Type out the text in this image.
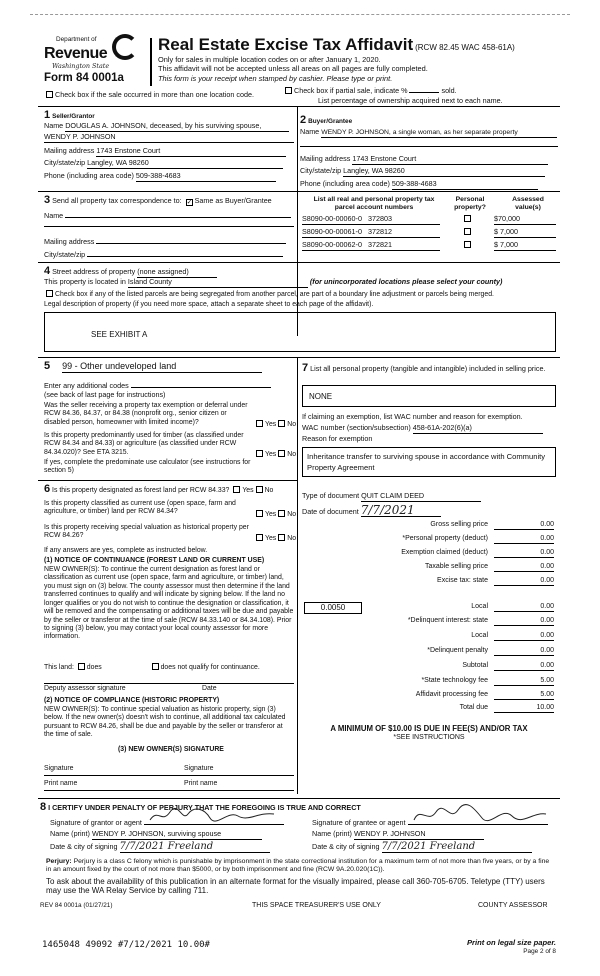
Department of
Revenue
Washington State
Form 84 0001a
Real Estate Excise Tax Affidavit (RCW 82.45 WAC 458-61A)
Only for sales in multiple location codes on or after January 1, 2020.
This affidavit will not be accepted unless all areas on all pages are fully completed.
This form is your receipt when stamped by cashier. Please type or print.
Check box if the sale occurred in more than one location code.	Check box if partial sale, indicate %	sold.
List percentage of ownership acquired next to each name.
1 Seller/Grantor
Name DOUGLAS A. JOHNSON, deceased, by his surviving spouse,
WENDY P. JOHNSON
Mailing address 1743 Enstone Court
City/state/zip Langley, WA 98260
Phone (including area code) 509-388-4683
2 Buyer/Grantee
Name WENDY P. JOHNSON, a single woman, as her separate property
Mailing address 1743 Enstone Court
City/state/zip Langley, WA 98260
Phone (including area code) 509-388-4683
3 Send all property tax correspondence to: ✓ Same as Buyer/Grantee
Name
Mailing address
City/state/zip
List all real and personal property tax parcel account numbers
Personal property?
Assessed value(s)
S8090-00-00060-0 372803	$70,000
S8090-00-00061-0 372812	$ 7,000
S8090-00-00062-0 372821	$ 7,000
4 Street address of property (none assigned)
This property is located in Island County	(for unincorporated locations please select your county)
Check box if any of the listed parcels are being segregated from another parcel, are part of a boundary line adjustment or parcels being merged.
Legal description of property (if you need more space, attach a separate sheet to each page of the affidavit).
SEE EXHIBIT A
5 99 - Other undeveloped land
Enter any additional codes
(see back of last page for instructions)
Was the seller receiving a property tax exemption or deferral under RCW 84.36, 84.37, or 84.38 (nonprofit org., senior citizen or disabled person, homeowner with limited income)?	Yes No
Is this property predominantly used for timber (as classified under RCW 84.34 and 84.33) or agriculture (as classified under RCW 84.34.020)? See ETA 3215.	Yes No
If yes, complete the predominate use calculator (see instructions for section 5)
6 Is this property designated as forest land per RCW 84.33? Yes No
Is this property classified as current use (open space, farm and agriculture, or timber) land per RCW 84.34?	Yes No
Is this property receiving special valuation as historical property per RCW 84.26?	Yes No
If any answers are yes, complete as instructed below.
(1) NOTICE OF CONTINUANCE (FOREST LAND OR CURRENT USE)
NEW OWNER(S): To continue the current designation as forest land or classification as current use (open space, farm and agriculture, or timber) land, you must sign on (3) below. The county assessor must then determine if the land transferred continues to qualify and will indicate by signing below. If the land no longer qualifies or you do not wish to continue the designation or classification, it will be removed and the compensating or additional taxes will be due and payable by the seller or transferor at the time of sale (RCW 84.33.140 or 84.34.108). Prior to signing (3) below, you may contact your local county assessor for more information.
This land: does	does not qualify for continuance.
Deputy assessor signature	Date
(2) NOTICE OF COMPLIANCE (HISTORIC PROPERTY)
NEW OWNER(S): To continue special valuation as historic property, sign (3) below. If the new owner(s) doesn't wish to continue, all additional tax calculated pursuant to RCW 84.26, shall be due and payable by the seller or transferor at the time of sale.
(3) NEW OWNER(S) SIGNATURE
Signature	Signature
Print name	Print name
7 List all personal property (tangible and intangible) included in selling price.
NONE
If claiming an exemption, list WAC number and reason for exemption.
WAC number (section/subsection) 458-61A-202(6)(a)
Reason for exemption
Inheritance transfer to surviving spouse in accordance with Community Property Agreement
Type of document QUIT CLAIM DEED
Date of document 7/7/2021
Gross selling price	0.00
*Personal property (deduct)	0.00
Exemption claimed (deduct)	0.00
Taxable selling price	0.00
Excise tax: state	0.00
0.0050	Local	0.00
*Delinquent interest: state	0.00
Local	0.00
*Delinquent penalty	0.00
Subtotal	0.00
*State technology fee	5.00
Affidavit processing fee	5.00
Total due	10.00
A MINIMUM OF $10.00 IS DUE IN FEE(S) AND/OR TAX
*SEE INSTRUCTIONS
8 I CERTIFY UNDER PENALTY OF PERJURY THAT THE FOREGOING IS TRUE AND CORRECT
Signature of grantor or agent
Name (print) WENDY P. JOHNSON, surviving spouse
Date & city of signing 7/7/2021 Freeland
Signature of grantee or agent
Name (print) WENDY P. JOHNSON
Date & city of signing 7/7/2021 Freeland
Perjury: Perjury is a class C felony which is punishable by imprisonment in the state correctional institution for a maximum term of not more than five years, or by a fine in an amount fixed by the court of not more than $5000, or by both imprisonment and fine (RCW 9A.20.020(1C)).
To ask about the availability of this publication in an alternate format for the visually impaired, please call 360-705-6705. Teletype (TTY) users may use the WA Relay Service by calling 711.
REV 84 0001a (01/27/21)	THIS SPACE TREASURER'S USE ONLY	COUNTY ASSESSOR
1465048 49092 #7/12/2021 10.00#	Print on legal size paper.
Page 2 of 8
